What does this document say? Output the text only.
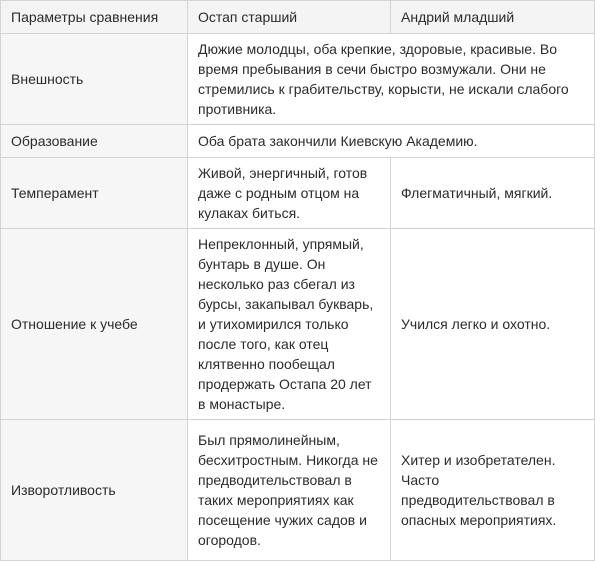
Параметры сравнения	Остап старший	Андрий младший
Внешность	Дюжие молодцы, оба крепкие, здоровые, красивые. Во время пребывания в сечи быстро возмужали. Они не стремились к грабительству, корысти, не искали слабого противника.	
Образование	Оба брата закончили Киевскую Академию.	
Темперамент	Живой, энергичный, готов даже с родным отцом на кулаках биться.	Флегматичный, мягкий.
Отношение к учебе	Непреклонный, упрямый, бунтарь в душе. Он несколько раз сбегал из бурсы, закапывал букварь, и утихомирился только после того, как отец клятвенно пообещал продержать Остапа 20 лет в монастыре.	Учился легко и охотно.
Изворотливость	Был прямолинейным, бесхитростным. Никогда не предводительствовал в таких мероприятиях как посещение чужих садов и огородов.	Хитер и изобретателен. Часто предводительствовал в опасных мероприятиях.
